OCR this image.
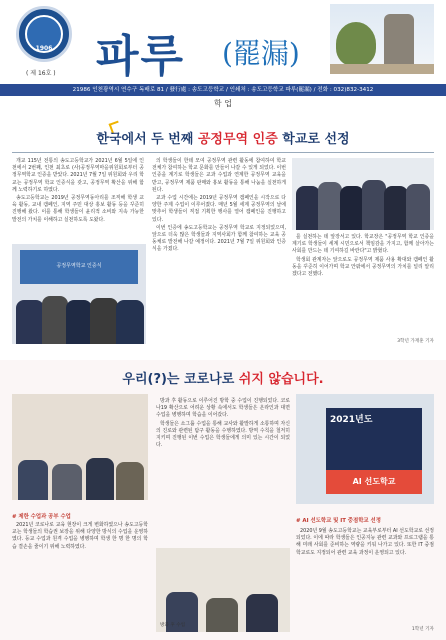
1906
( 제 16호 ) 파루 (罷漏)
21986 인천광역시 연수구 독배로 81 / 發行處 : 송도고등학교 / 인쇄처 : 송도고등학교 파루(罷漏) / 전화 : 032)832-3412
학 업
한국에서 두 번째 공정무역 인증 학교로 선정

개교 115년 전통의 송도고등학교가 2021년 6월 5일에 인천에서 2번째, 인천 최초로 (사)공정무역마을위원회로부터 공정무역학교 인증을 받았다. 2021년 7월 7일 위원회와 우리 학교는 공정무역 학교 인증식을 갖고, 공정무역 확산을 위해 함께 노력하기로 하였다.

송도고등학교는 2019년 공정무역동아리를 조직해 학생 교육 활동, 교내 캠페인, 지역 주민 대상 홍보 활동 등을 꾸준히 진행해 왔다. 이를 통해 학생들이 윤리적 소비와 지속 가능한 발전의 가치를 이해하고 실천하도록 도왔다.

공정무역학교 인증식

의 학생들이 한데 모여 공정무역 관련 활동에 참여하여 학교 전체가 참여하는 학교 문화를 만들어 나갈 수 있게 되었다. 이번 인증을 계기로 학생들은 교과 수업과 연계한 공정무역 교육을 받고, 공정무역 제품 판매와 홍보 활동을 통해 나눔을 실천하게 된다.

교과 수업 시간에는 2019년 공정무역 캠페인을 시작으로 다양한 주제 수업이 이루어졌다. 매년 5월 세계 공정무역의 날에 맞추어 학생들이 직접 기획한 행사를 열어 캠페인을 진행하고 있다.

이번 인증에 송도고등학교는 공정무역 학교로 지정되었으며, 앞으로 더욱 많은 학생들과 지역사회가 함께 참여하는 교육 공동체로 발전해 나갈 예정이다. 2021년 7월 7일 위원회와 인증식을 가졌다.

를 실천하는 데 앞장서고 있다. 학교장은 "공정무역 학교 인증을 계기로 학생들이 세계 시민으로서 책임감을 가지고, 함께 살아가는 사회를 만드는 데 기여하길 바란다"고 밝혔다.

학생회 관계자는 앞으로도 공정무역 제품 사용 확대와 캠페인 활동을 꾸준히 이어가며 학교 안팎에서 공정무역의 가치를 널리 알리겠다고 전했다.

3학년 가재훈 기자
우리(?)는 코로나로 쉬지 않습니다.

방과 후 활동으로 이루어진 방학 중 수업이 진행되었다. 코로나19 확산으로 어려운 상황 속에서도 학생들은 온라인과 대면 수업을 병행하며 학습을 이어갔다.

학생들은 소그룹 수업을 통해 교사와 활발하게 소통하며 자신의 진로와 관련된 탐구 활동을 수행하였다. 방역 수칙을 철저히 지키며 진행된 이번 수업은 학생들에게 의미 있는 시간이 되었다.

2021년도
AI 선도학교
# 제한 수업과 공부 수업

2021년 코로나로 교육 현장이 크게 변화하였으나 송도고등학교는 학생들의 학습권 보장을 위해 다양한 방식의 수업을 운영하였다. 등교 수업과 원격 수업을 병행하며 학생 한 명 한 명의 학습 결손을 줄이기 위해 노력하였다.

방과 후 수업
# AI 선도학교 및 IT 중점학교 선정

2020년 9월 송도고등학교는 교육부로부터 AI 선도학교로 선정되었다. 이에 따라 학생들은 인공지능 관련 교과와 프로그램을 통해 미래 사회를 준비하는 역량을 키워 나가고 있다. 또한 IT 중점학교로도 지정되어 관련 교육 과정이 운영되고 있다.

1학년 기자
